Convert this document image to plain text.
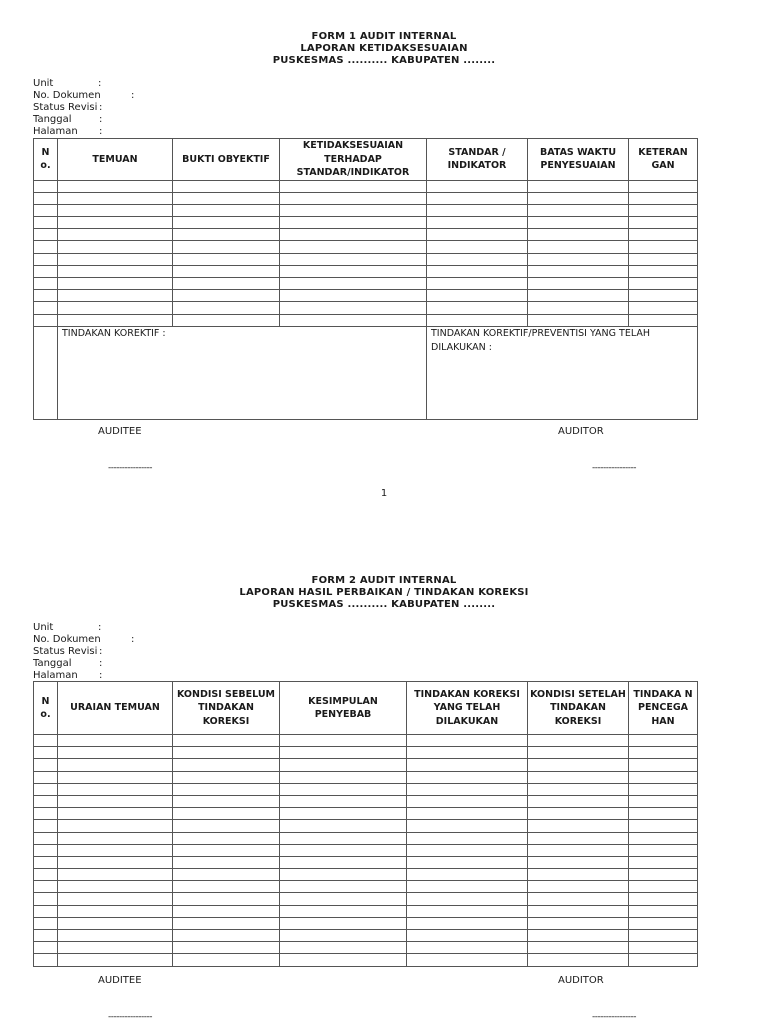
FORM 1 AUDIT INTERNAL
LAPORAN KETIDAKSESUAIAN
PUSKESMAS .......... KABUPATEN ........
Unit	:
No. Dokumen	:
Status Revisi :
Tanggal	:
Halaman :
N o.	TEMUAN	BUKTI OBYEKTIF	KETIDAKSESUAIAN TERHADAP STANDAR/INDIKATOR	STANDAR / INDIKATOR	BATAS WAKTU PENYESUAIAN	KETERAN GAN

	TINDAKAN KOREKTIF :			TINDAKAN KOREKTIF/PREVENTISI YANG TELAH DILAKUKAN :		
AUDITEE	AUDITOR
----------------	----------------
1
FORM 2 AUDIT INTERNAL
LAPORAN HASIL PERBAIKAN / TINDAKAN KOREKSI
PUSKESMAS .......... KABUPATEN ........
Unit	:
No. Dokumen	:
Status Revisi :
Tanggal	:
Halaman :
N o.	URAIAN TEMUAN	KONDISI SEBELUM TINDAKAN KOREKSI	KESIMPULAN PENYEBAB	TINDAKAN KOREKSI YANG TELAH DILAKUKAN	KONDISI SETELAH TINDAKAN KOREKSI	TINDAKA N PENCEGA HAN

AUDITEE	AUDITOR
----------------	----------------
